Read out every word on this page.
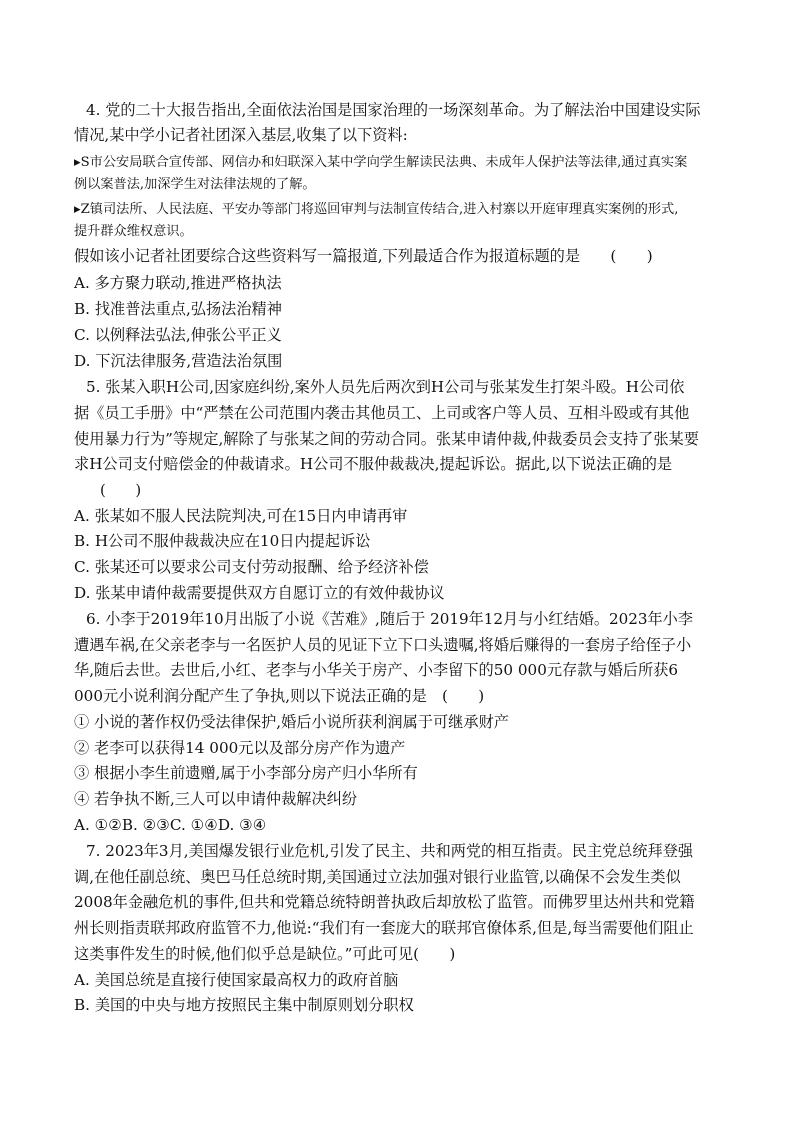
4. 党的二十大报告指出,全面依法治国是国家治理的一场深刻革命。为了解法治中国建设实际
情况,某中学小记者社团深入基层,收集了以下资料:
▸S市公安局联合宣传部、网信办和妇联深入某中学向学生解读民法典、未成年人保护法等法律,通过真实案
例以案普法,加深学生对法律法规的了解。
▸Z镇司法所、人民法庭、平安办等部门将巡回审判与法制宣传结合,进入村寨以开庭审理真实案例的形式,
提升群众维权意识。
假如该小记者社团要综合这些资料写一篇报道,下列最适合作为报道标题的是　　(　　)
A. 多方聚力联动,推进严格执法
B. 找准普法重点,弘扬法治精神
C. 以例释法弘法,伸张公平正义
D. 下沉法律服务,营造法治氛围
5. 张某入职H公司,因家庭纠纷,案外人员先后两次到H公司与张某发生打架斗殴。H公司依
据《员工手册》中“严禁在公司范围内袭击其他员工、上司或客户等人员、互相斗殴或有其他
使用暴力行为”等规定,解除了与张某之间的劳动合同。张某申请仲裁,仲裁委员会支持了张某要
求H公司支付赔偿金的仲裁请求。H公司不服仲裁裁决,提起诉讼。据此,以下说法正确的是
(　　)
A. 张某如不服人民法院判决,可在15日内申请再审
B. H公司不服仲裁裁决应在10日内提起诉讼
C. 张某还可以要求公司支付劳动报酬、给予经济补偿
D. 张某申请仲裁需要提供双方自愿订立的有效仲裁协议
6. 小李于2019年10月出版了小说《苦难》,随后于 2019年12月与小红结婚。2023年小李
遭遇车祸,在父亲老李与一名医护人员的见证下立下口头遗嘱,将婚后赚得的一套房子给侄子小
华,随后去世。去世后,小红、老李与小华关于房产、小李留下的50 000元存款与婚后所获6
000元小说利润分配产生了争执,则以下说法正确的是　(　　)
① 小说的著作权仍受法律保护,婚后小说所获利润属于可继承财产
② 老李可以获得14 000元以及部分房产作为遗产
③ 根据小李生前遗赠,属于小李部分房产归小华所有
④ 若争执不断,三人可以申请仲裁解决纠纷
A. ①②B. ②③C. ①④D. ③④
7. 2023年3月,美国爆发银行业危机,引发了民主、共和两党的相互指责。民主党总统拜登强
调,在他任副总统、奥巴马任总统时期,美国通过立法加强对银行业监管,以确保不会发生类似
2008年金融危机的事件,但共和党籍总统特朗普执政后却放松了监管。而佛罗里达州共和党籍
州长则指责联邦政府监管不力,他说:“我们有一套庞大的联邦官僚体系,但是,每当需要他们阻止
这类事件发生的时候,他们似乎总是缺位。”可此可见(　　)
A. 美国总统是直接行使国家最高权力的政府首脑
B. 美国的中央与地方按照民主集中制原则划分职权
